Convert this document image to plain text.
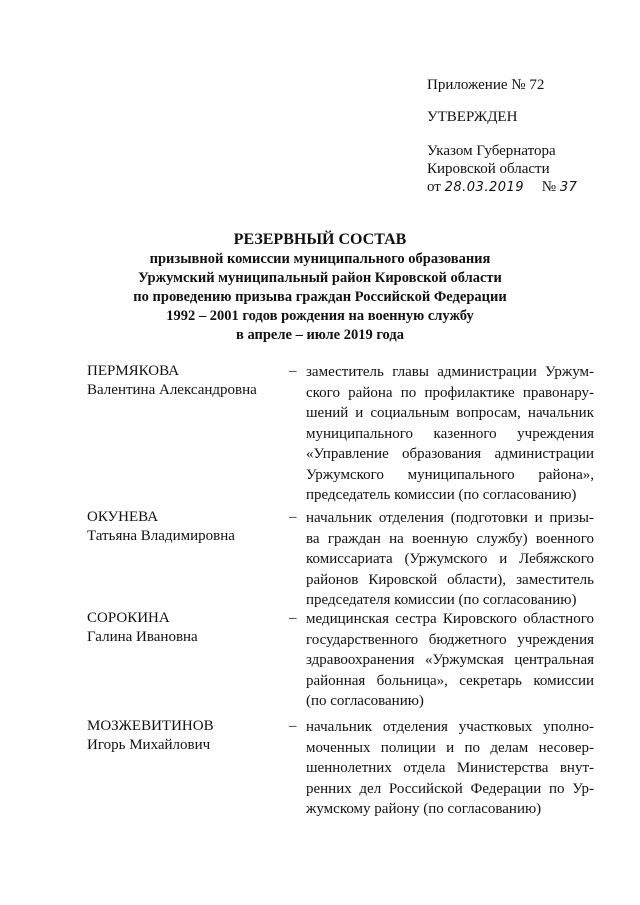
Приложение № 72
УТВЕРЖДЕН
Указом Губернатора
Кировской области
от 28.03.2019 № 37
РЕЗЕРВНЫЙ СОСТАВ
призывной комиссии муниципального образования
Уржумский муниципальный район Кировской области
по проведению призыва граждан Российской Федерации
1992 – 2001 годов рождения на военную службу
в апреле – июле 2019 года
ПЕРМЯКОВА
Валентина Александровна
– заместитель главы администрации Уржум-
ского района по профилактике правонару-
шений и социальным вопросам, начальник
муниципального казенного учреждения
«Управление образования администрации
Уржумского муниципального района»,
председатель комиссии (по согласованию)
ОКУНЕВА
Татьяна Владимировна
– начальник отделения (подготовки и призы-
ва граждан на военную службу) военного
комиссариата (Уржумского и Лебяжского
районов Кировской области), заместитель
председателя комиссии (по согласованию)
СОРОКИНА
Галина Ивановна
– медицинская сестра Кировского областного
государственного бюджетного учреждения
здравоохранения «Уржумская центральная
районная больница», секретарь комиссии
(по согласованию)
МОЗЖЕВИТИНОВ
Игорь Михайлович
– начальник отделения участковых уполно-
моченных полиции и по делам несовер-
шеннолетних отдела Министерства внут-
ренних дел Российской Федерации по Ур-
жумскому району (по согласованию)
